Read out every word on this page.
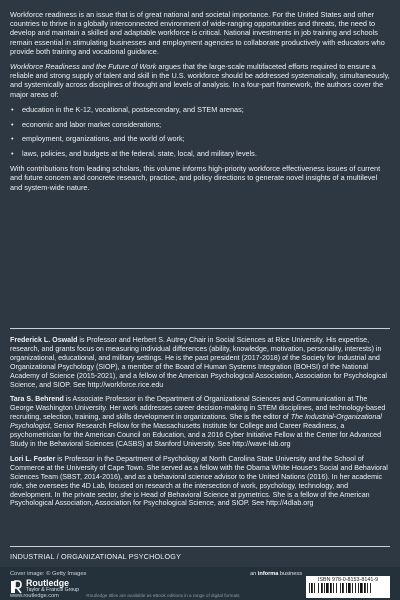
Workforce readiness is an issue that is of great national and societal importance. For the United States and other countries to thrive in a globally interconnected environment of wide-ranging opportunities and threats, the need to develop and maintain a skilled and adaptable workforce is critical. National investments in job training and schools remain essential in stimulating businesses and employment agencies to collaborate productively with educators who provide both training and vocational guidance.

Workforce Readiness and the Future of Work argues that the large-scale multifaceted efforts required to ensure a reliable and strong supply of talent and skill in the U.S. workforce should be addressed systematically, simultaneously, and systemically across disciplines of thought and levels of analysis. In a four-part framework, the authors cover the major areas of:

• education in the K-12, vocational, postsecondary, and STEM arenas;
• economic and labor market considerations;
• employment, organizations, and the world of work;
• laws, policies, and budgets at the federal, state, local, and military levels.

With contributions from leading scholars, this volume informs high-priority workforce effectiveness issues of current and future concern and concrete research, practice, and policy directions to generate novel insights of a multilevel and system-wide nature.

Frederick L. Oswald is Professor and Herbert S. Autrey Chair in Social Sciences at Rice University. His expertise, research, and grants focus on measuring individual differences (ability, knowledge, motivation, personality, interests) in organizational, educational, and military settings. He is the past president (2017-2018) of the Society for Industrial and Organizational Psychology (SIOP), a member of the Board of Human Systems Integration (BOHSI) of the National Academy of Science (2015-2021), and a fellow of the American Psychological Association, Association for Psychological Science, and SIOP. See http://workforce.rice.edu

Tara S. Behrend is Associate Professor in the Department of Organizational Sciences and Communication at The George Washington University. Her work addresses career decision-making in STEM disciplines, and technology-based recruiting, selection, training, and skills development in organizations. She is the editor of The Industrial-Organizational Psychologist, Senior Research Fellow for the Massachusetts Institute for College and Career Readiness, a psychometrician for the American Council on Education, and a 2016 Cyber Initiative Fellow at the Center for Advanced Study in the Behavioral Sciences (CASBS) at Stanford University. See http://wave-lab.org

Lori L. Foster is Professor in the Department of Psychology at North Carolina State University and the School of Commerce at the University of Cape Town. She served as a fellow with the Obama White House's Social and Behavioral Sciences Team (SBST, 2014-2016), and as a behavioral science advisor to the United Nations (2016). In her academic role, she oversees the 4D Lab, focused on research at the intersection of work, psychology, technology, and development. In the private sector, she is Head of Behavioral Science at pymetrics. She is a fellow of the American Psychological Association, Association for Psychological Science, and SIOP. See http://4dlab.org

INDUSTRIAL / ORGANIZATIONAL PSYCHOLOGY
Cover image: © Getty Images
Routledge
Taylor & Francis Group
www.routledge.com	Routledge titles are available as eBook editions in a range of digital formats
an informa business
ISBN 978-0-8153-8141-9
